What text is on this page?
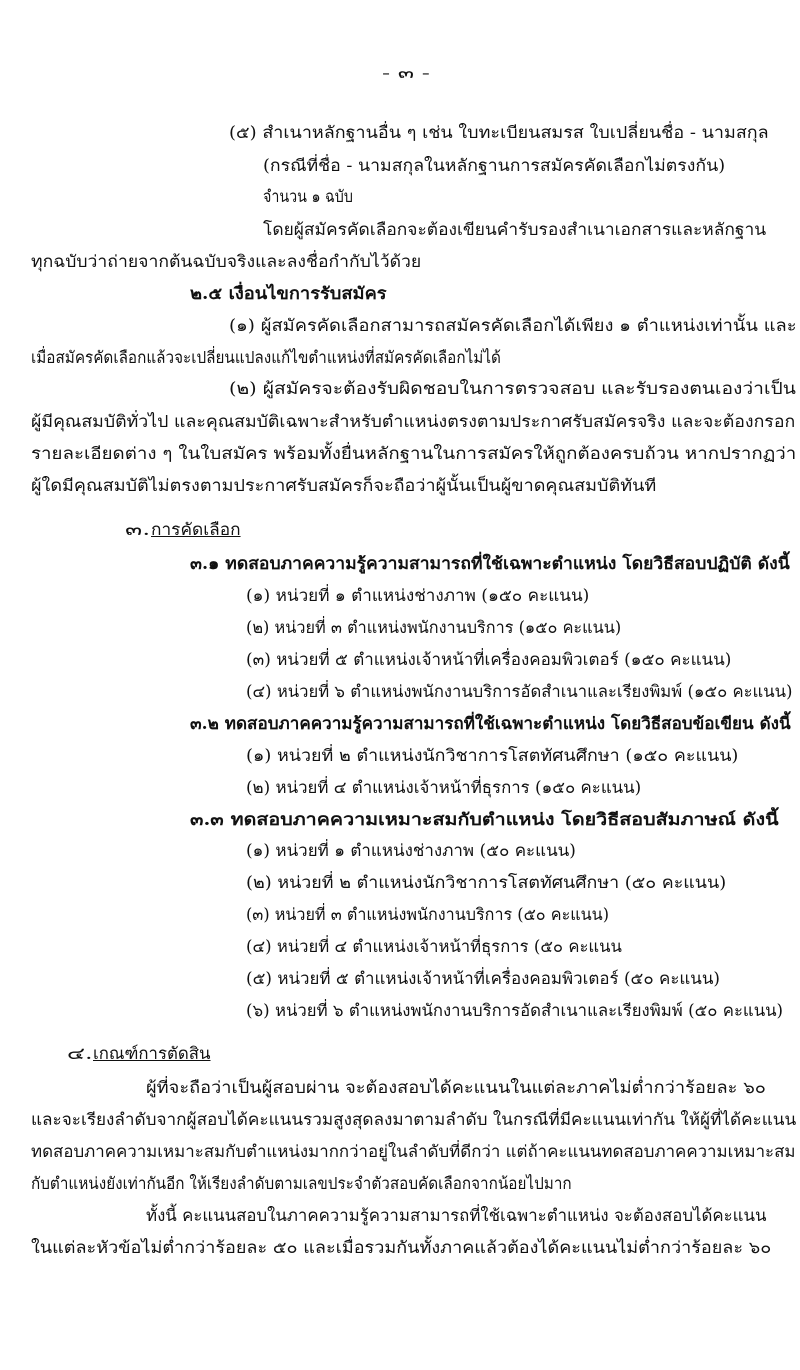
- ๓ -
(๕) สำเนาหลักฐานอื่น ๆ เช่น ใบทะเบียนสมรส ใบเปลี่ยนชื่อ - นามสกุล
(กรณีที่ชื่อ - นามสกุลในหลักฐานการสมัครคัดเลือกไม่ตรงกัน)
จำนวน ๑ ฉบับ
โดยผู้สมัครคัดเลือกจะต้องเขียนคำรับรองสำเนาเอกสารและหลักฐาน
ทุกฉบับว่าถ่ายจากต้นฉบับจริงและลงชื่อกำกับไว้ด้วย
๒.๕ เงื่อนไขการรับสมัคร
(๑) ผู้สมัครคัดเลือกสามารถสมัครคัดเลือกได้เพียง ๑ ตำแหน่งเท่านั้น และ
เมื่อสมัครคัดเลือกแล้วจะเปลี่ยนแปลงแก้ไขตำแหน่งที่สมัครคัดเลือกไม่ได้
(๒) ผู้สมัครจะต้องรับผิดชอบในการตรวจสอบ และรับรองตนเองว่าเป็น
ผู้มีคุณสมบัติทั่วไป และคุณสมบัติเฉพาะสำหรับตำแหน่งตรงตามประกาศรับสมัครจริง และจะต้องกรอก
รายละเอียดต่าง ๆ ในใบสมัคร พร้อมทั้งยื่นหลักฐานในการสมัครให้ถูกต้องครบถ้วน หากปรากฏว่า
ผู้ใดมีคุณสมบัติไม่ตรงตามประกาศรับสมัครก็จะถือว่าผู้นั้นเป็นผู้ขาดคุณสมบัติทันที
๓. การคัดเลือก
๓.๑ ทดสอบภาคความรู้ความสามารถที่ใช้เฉพาะตำแหน่ง โดยวิธีสอบปฏิบัติ ดังนี้
(๑) หน่วยที่ ๑ ตำแหน่งช่างภาพ (๑๕๐ คะแนน)
(๒) หน่วยที่ ๓ ตำแหน่งพนักงานบริการ (๑๕๐ คะแนน)
(๓) หน่วยที่ ๕ ตำแหน่งเจ้าหน้าที่เครื่องคอมพิวเตอร์ (๑๕๐ คะแนน)
(๔) หน่วยที่ ๖ ตำแหน่งพนักงานบริการอัดสำเนาและเรียงพิมพ์ (๑๕๐ คะแนน)
๓.๒ ทดสอบภาคความรู้ความสามารถที่ใช้เฉพาะตำแหน่ง โดยวิธีสอบข้อเขียน ดังนี้
(๑) หน่วยที่ ๒ ตำแหน่งนักวิชาการโสตทัศนศึกษา (๑๕๐ คะแนน)
(๒) หน่วยที่ ๔ ตำแหน่งเจ้าหน้าที่ธุรการ (๑๕๐ คะแนน)
๓.๓ ทดสอบภาคความเหมาะสมกับตำแหน่ง โดยวิธีสอบสัมภาษณ์ ดังนี้
(๑) หน่วยที่ ๑ ตำแหน่งช่างภาพ (๕๐ คะแนน)
(๒) หน่วยที่ ๒ ตำแหน่งนักวิชาการโสตทัศนศึกษา (๕๐ คะแนน)
(๓) หน่วยที่ ๓ ตำแหน่งพนักงานบริการ (๕๐ คะแนน)
(๔) หน่วยที่ ๔ ตำแหน่งเจ้าหน้าที่ธุรการ (๕๐ คะแนน
(๕) หน่วยที่ ๕ ตำแหน่งเจ้าหน้าที่เครื่องคอมพิวเตอร์ (๕๐ คะแนน)
(๖) หน่วยที่ ๖ ตำแหน่งพนักงานบริการอัดสำเนาและเรียงพิมพ์ (๕๐ คะแนน)
๔. เกณฑ์การตัดสิน
ผู้ที่จะถือว่าเป็นผู้สอบผ่าน จะต้องสอบได้คะแนนในแต่ละภาคไม่ต่ำกว่าร้อยละ ๖๐
และจะเรียงลำดับจากผู้สอบได้คะแนนรวมสูงสุดลงมาตามลำดับ ในกรณีที่มีคะแนนเท่ากัน ให้ผู้ที่ได้คะแนน
ทดสอบภาคความเหมาะสมกับตำแหน่งมากกว่าอยู่ในลำดับที่ดีกว่า แต่ถ้าคะแนนทดสอบภาคความเหมาะสม
กับตำแหน่งยังเท่ากันอีก ให้เรียงลำดับตามเลขประจำตัวสอบคัดเลือกจากน้อยไปมาก
ทั้งนี้ คะแนนสอบในภาคความรู้ความสามารถที่ใช้เฉพาะตำแหน่ง จะต้องสอบได้คะแนน
ในแต่ละหัวข้อไม่ต่ำกว่าร้อยละ ๕๐ และเมื่อรวมกันทั้งภาคแล้วต้องได้คะแนนไม่ต่ำกว่าร้อยละ ๖๐
